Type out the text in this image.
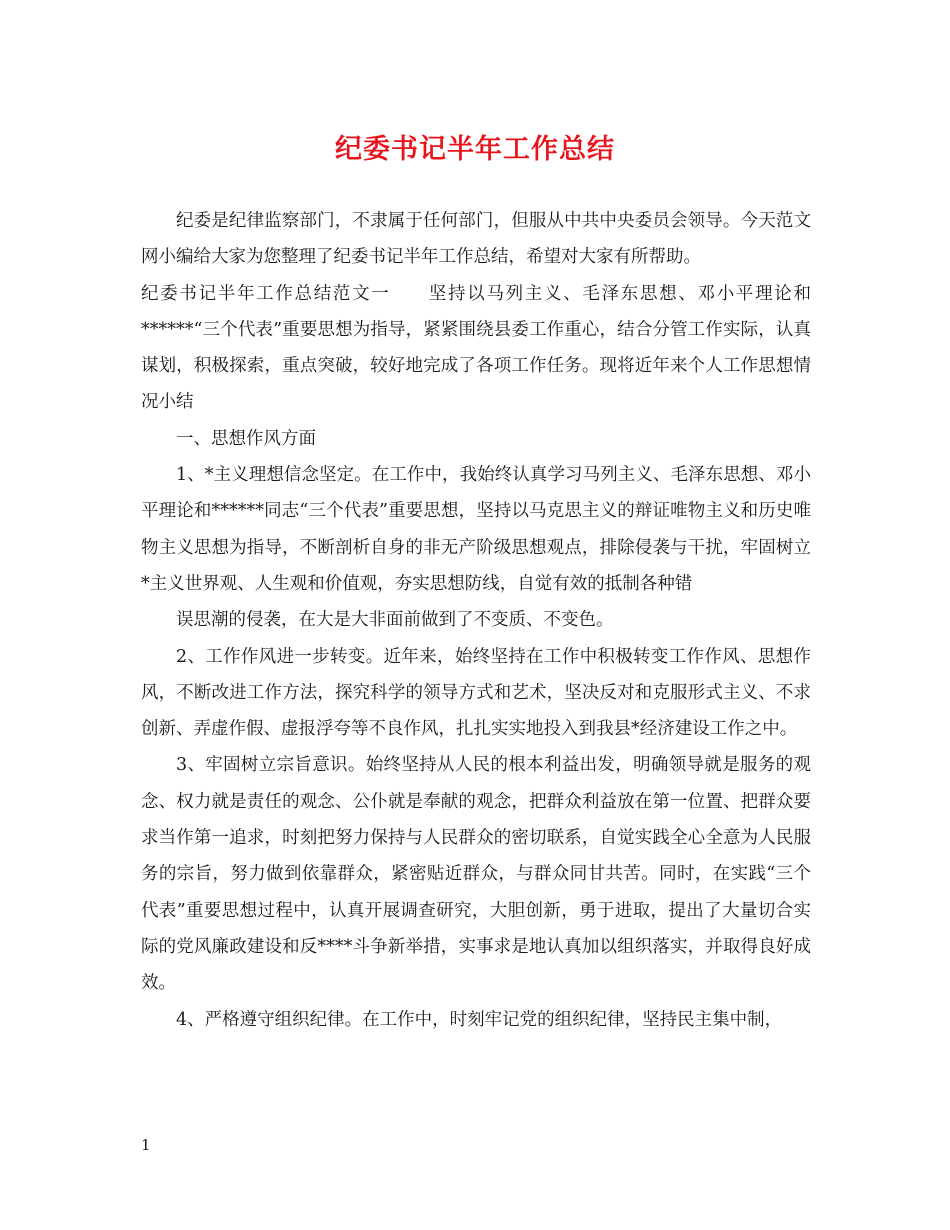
纪委书记半年工作总结

纪委是纪律监察部门，不隶属于任何部门，但服从中共中央委员会领导。今天范文网小编给大家为您整理了纪委书记半年工作总结，希望对大家有所帮助。

纪委书记半年工作总结范文一　　坚持以马列主义、毛泽东思想、邓小平理论和******“三个代表”重要思想为指导，紧紧围绕县委工作重心，结合分管工作实际，认真谋划，积极探索，重点突破，较好地完成了各项工作任务。现将近年来个人工作思想情况小结

一、思想作风方面

1、*主义理想信念坚定。在工作中，我始终认真学习马列主义、毛泽东思想、邓小平理论和******同志“三个代表”重要思想，坚持以马克思主义的辩证唯物主义和历史唯物主义思想为指导，不断剖析自身的非无产阶级思想观点，排除侵袭与干扰，牢固树立*主义世界观、人生观和价值观，夯实思想防线，自觉有效的抵制各种错

误思潮的侵袭，在大是大非面前做到了不变质、不变色。

2、工作作风进一步转变。近年来，始终坚持在工作中积极转变工作作风、思想作风，不断改进工作方法，探究科学的领导方式和艺术，坚决反对和克服形式主义、不求创新、弄虚作假、虚报浮夸等不良作风，扎扎实实地投入到我县*经济建设工作之中。

3、牢固树立宗旨意识。始终坚持从人民的根本利益出发，明确领导就是服务的观念、权力就是责任的观念、公仆就是奉献的观念，把群众利益放在第一位置、把群众要求当作第一追求，时刻把努力保持与人民群众的密切联系，自觉实践全心全意为人民服务的宗旨，努力做到依靠群众，紧密贴近群众，与群众同甘共苦。同时，在实践“三个代表”重要思想过程中，认真开展调查研究，大胆创新，勇于进取，提出了大量切合实际的党风廉政建设和反****斗争新举措，实事求是地认真加以组织落实，并取得良好成效。

4、严格遵守组织纪律。在工作中，时刻牢记党的组织纪律，坚持民主集中制，

1
